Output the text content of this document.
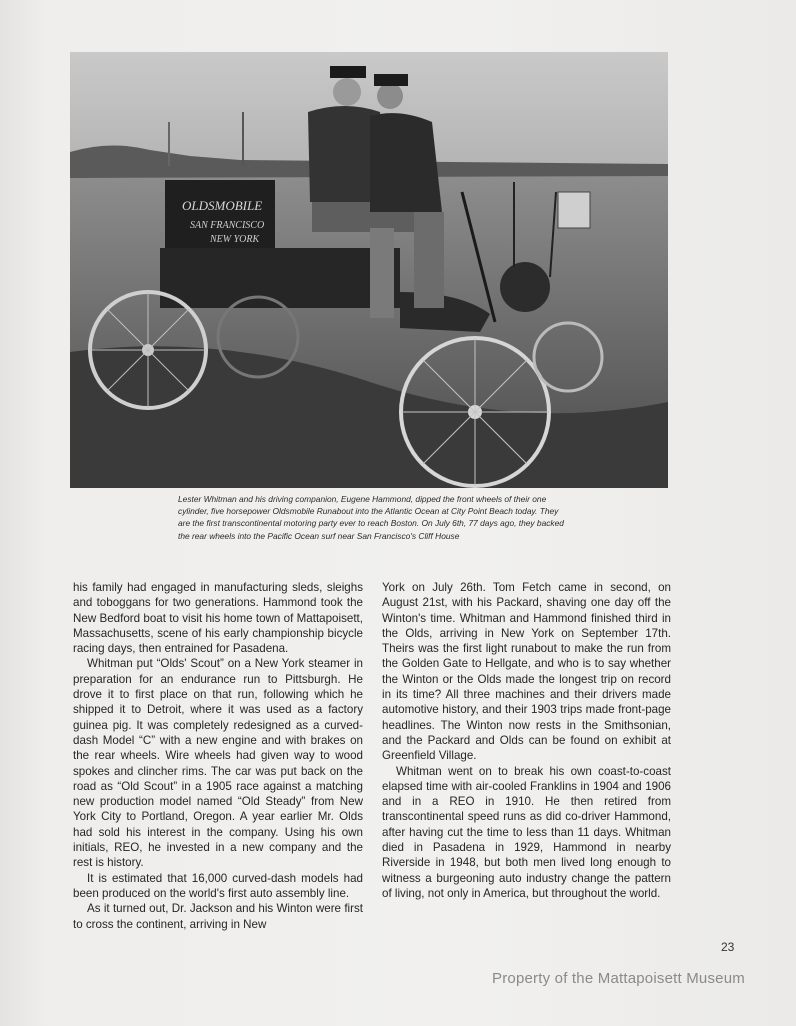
OLDSMOBILE
SAN FRANCISCO
NEW YORK

Lester Whitman and his driving companion, Eugene Hammond, dipped the front wheels of their one cylinder, five horsepower Oldsmobile Runabout into the Atlantic Ocean at City Point Beach today. They are the first transcontinental motoring party ever to reach Boston. On July 6th, 77 days ago, they backed the rear wheels into the Pacific Ocean surf near San Francisco's Cliff House

his family had engaged in manufacturing sleds, sleighs and toboggans for two generations. Hammond took the New Bedford boat to visit his home town of Mattapoisett, Massachusetts, scene of his early championship bicycle racing days, then entrained for Pasadena.

Whitman put “Olds' Scout” on a New York steamer in preparation for an endurance run to Pittsburgh. He drove it to first place on that run, following which he shipped it to Detroit, where it was used as a factory guinea pig. It was completely redesigned as a curved-dash Model “C” with a new engine and with brakes on the rear wheels. Wire wheels had given way to wood spokes and clincher rims. The car was put back on the road as “Old Scout” in a 1905 race against a matching new production model named “Old Steady” from New York City to Portland, Oregon. A year earlier Mr. Olds had sold his interest in the company. Using his own initials, REO, he invested in a new company and the rest is history.

It is estimated that 16,000 curved-dash models had been produced on the world's first auto assembly line.

As it turned out, Dr. Jackson and his Winton were first to cross the continent, arriving in New

York on July 26th. Tom Fetch came in second, on August 21st, with his Packard, shaving one day off the Winton's time. Whitman and Hammond finished third in the Olds, arriving in New York on September 17th. Theirs was the first light runabout to make the run from the Golden Gate to Hellgate, and who is to say whether the Winton or the Olds made the longest trip on record in its time? All three machines and their drivers made automotive history, and their 1903 trips made front-page headlines. The Winton now rests in the Smithsonian, and the Packard and Olds can be found on exhibit at Greenfield Village.

Whitman went on to break his own coast-to-coast elapsed time with air-cooled Franklins in 1904 and 1906 and in a REO in 1910. He then retired from transcontinental speed runs as did co-driver Hammond, after having cut the time to less than 11 days. Whitman died in Pasadena in 1929, Hammond in nearby Riverside in 1948, but both men lived long enough to witness a burgeoning auto industry change the pattern of living, not only in America, but throughout the world.

23
Property of the Mattapoisett Museum
